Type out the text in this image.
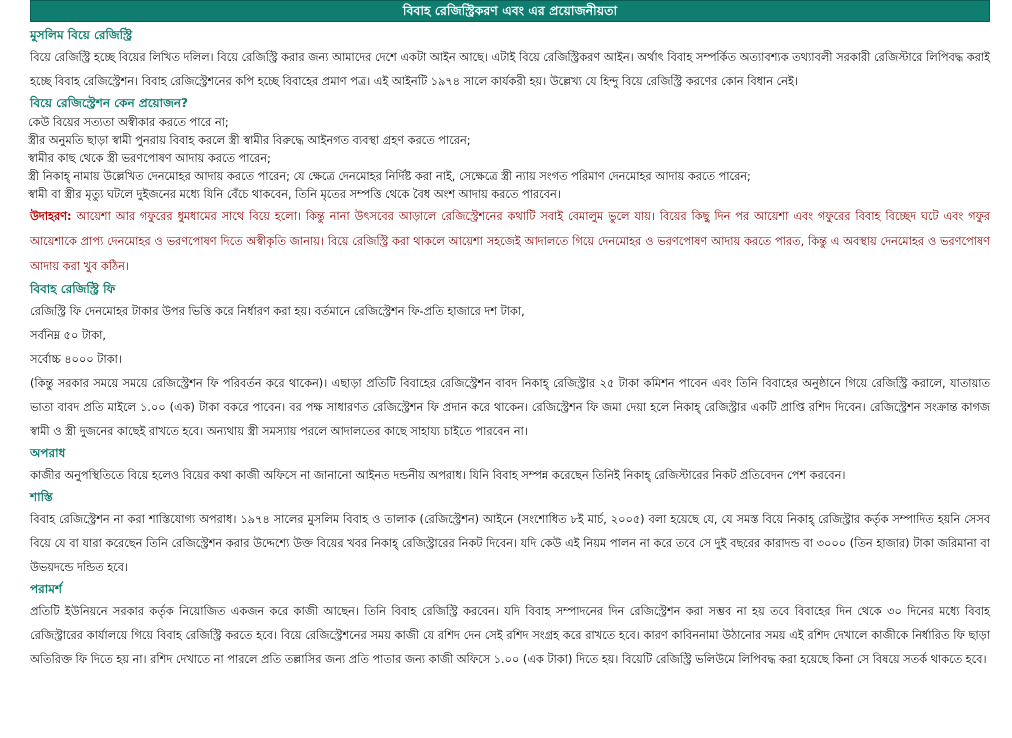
বিবাহ রেজিস্ট্রিকরণ এবং এর প্রয়োজনীয়তা
মুসলিম বিয়ে রেজিস্ট্রি

বিয়ে রেজিস্ট্রি হচ্ছে বিয়ের লিখিত দলিল। বিয়ে রেজিস্ট্রি করার জন্য আমাদের দেশে একটা আইন আছে। এটাই বিয়ে রেজিস্ট্রিকরণ আইন। অর্থাৎ বিবাহ সম্পর্কিত অত্যাবশ্যক তথ্যাবলী সরকারী রেজিস্টারে লিপিবদ্ধ করাই হচ্ছে বিবাহ রেজিস্ট্রেশন। বিবাহ রেজিস্ট্রেশনের কপি হচ্ছে বিবাহের প্রমাণ পত্র। এই আইনটি ১৯৭৪ সালে কার্যকরী হয়। উল্লেখ্য যে হিন্দু বিয়ে রেজিস্ট্রি করণের কোন বিধান নেই।

বিয়ে রেজিস্ট্রেশন কেন প্রয়োজন?
• কেউ বিয়ের সত্যতা অস্বীকার করতে পারে না;
• স্ত্রীর অনুমতি ছাড়া স্বামী পুনরায় বিবাহ করলে স্ত্রী স্বামীর বিরুদ্ধে আইনগত ব্যবস্থা গ্রহণ করতে পারেন;
• স্বামীর কাছ থেকে স্ত্রী ভরণপোষণ আদায় করতে পারেন;
• স্ত্রী নিকাহ্ নামায় উল্লেখিত দেনমোহর আদায় করতে পারেন; যে ক্ষেত্রে দেনমোহর নির্দিষ্ট করা নাই, সেক্ষেত্রে স্ত্রী ন্যায় সংগত পরিমাণ দেনমোহর আদায় করতে পারেন;
• স্বামী বা স্ত্রীর মৃত্যু ঘটলে দুইজনের মধ্যে যিনি বেঁচে থাকবেন, তিনি মৃতের সম্পত্তি থেকে বৈধ অংশ আদায় করতে পারবেন।

উদাহরণ: আয়েশা আর গফুরের ধুমধামের সাথে বিয়ে হলো। কিন্তু নানা উৎসবের আড়ালে রেজিস্ট্রেশনের কথাটি সবাই বেমালুম ভুলে যায়। বিয়ের কিছু দিন পর আয়েশা এবং গফুরের বিবাহ বিচ্ছেদ ঘটে এবং গফুর আয়েশাকে প্রাপ্য দেনমোহর ও ভরণপোষণ দিতে অস্বীকৃতি জানায়। বিয়ে রেজিস্ট্রি করা থাকলে আয়েশা সহজেই আদালতে গিয়ে দেনমোহর ও ভরণপোষণ আদায় করতে পারত, কিন্তু এ অবস্থায় দেনমোহর ও ভরণপোষণ আদায় করা খুব কঠিন।

বিবাহ রেজিস্ট্রি ফি

রেজিস্ট্রি ফি দেনমোহর টাকার উপর ভিত্তি করে নির্ধারণ করা হয়। বর্তমানে রেজিস্ট্রেশন ফি-প্রতি হাজারে দশ টাকা,

সর্বনিম্ন ৫০ টাকা,

সর্বোচ্চ ৪০০০ টাকা।

(কিন্তু সরকার সময়ে সময়ে রেজিস্ট্রেশন ফি পরিবর্তন করে থাকেন)। এছাড়া প্রতিটি বিবাহের রেজিস্ট্রেশন বাবদ নিকাহ্ রেজিস্ট্রার ২৫ টাকা কমিশন পাবেন এবং তিনি বিবাহের অনুষ্ঠানে গিয়ে রেজিস্ট্রি করালে, যাতায়াত ভাতা বাবদ প্রতি মাইলে ১.০০ (এক) টাকা বকরে পাবেন। বর পক্ষ সাধারণত রেজিস্ট্রেশন ফি প্রদান করে থাকেন। রেজিস্ট্রেশন ফি জমা দেয়া হলে নিকাহ্ রেজিস্ট্রার একটি প্রাপ্তি রশিদ দিবেন। রেজিস্ট্রেশন সংক্রান্ত কাগজ স্বামী ও স্ত্রী দুজনের কাছেই রাখতে হবে। অন্যথায় স্ত্রী সমস্যায় পরলে আদালতের কাছে সাহায্য চাইতে পারবেন না।

অপরাধ

কাজীর অনুপস্থিতিতে বিয়ে হলেও বিয়ের কথা কাজী অফিসে না জানানো আইনত দন্ডনীয় অপরাধ। যিনি বিবাহ সম্পন্ন করেছেন তিনিই নিকাহ্ রেজিস্টারের নিকট প্রতিবেদন পেশ করবেন।

শাস্তি

বিবাহ রেজিস্ট্রেশন না করা শাস্তিযোগ্য অপরাধ। ১৯৭৪ সালের মুসলিম বিবাহ ও তালাক (রেজিস্ট্রেশন) আইনে (সংশোধিত ৮ই মার্চ, ২০০৫) বলা হয়েছে যে, যে সমস্ত বিয়ে নিকাহ্ রেজিস্ট্রার কর্তৃক সম্পাদিত হয়নি সেসব বিয়ে যে বা যারা করেছেন তিনি রেজিস্ট্রেশন করার উদ্দেশ্যে উক্ত বিয়ের খবর নিকাহ্ রেজিস্ট্রারের নিকট দিবেন। যদি কেউ এই নিয়ম পালন না করে তবে সে দুই বছরের কারাদন্ড বা ৩০০০ (তিন হাজার) টাকা জরিমানা বা উভয়দন্ডে দন্ডিত হবে।

পরামর্শ

প্রতিটি ইউনিয়নে সরকার কর্তৃক নিয়োজিত একজন করে কাজী আছেন। তিনি বিবাহ রেজিস্ট্রি করবেন। যদি বিবাহ সম্পাদনের দিন রেজিস্ট্রেশন করা সম্ভব না হয় তবে বিবাহের দিন থেকে ৩০ দিনের মধ্যে বিবাহ রেজিস্ট্রারের কার্যালয়ে গিয়ে বিবাহ রেজিস্ট্রি করতে হবে। বিয়ে রেজিস্ট্রেশনের সময় কাজী যে রশিদ দেন সেই রশিদ সংগ্রহ করে রাখতে হবে। কারণ কাবিননামা উঠানোর সময় এই রশিদ দেখালে কাজীকে নির্ধারিত ফি ছাড়া অতিরিক্ত ফি দিতে হয় না। রশিদ দেখাতে না পারলে প্রতি তল্লাসির জন্য প্রতি পাতার জন্য কাজী অফিসে ১.০০ (এক টাকা) দিতে হয়। বিয়েটি রেজিস্ট্রি ভলিউমে লিপিবদ্ধ করা হয়েছে কিনা সে বিষয়ে সতর্ক থাকতে হবে।
